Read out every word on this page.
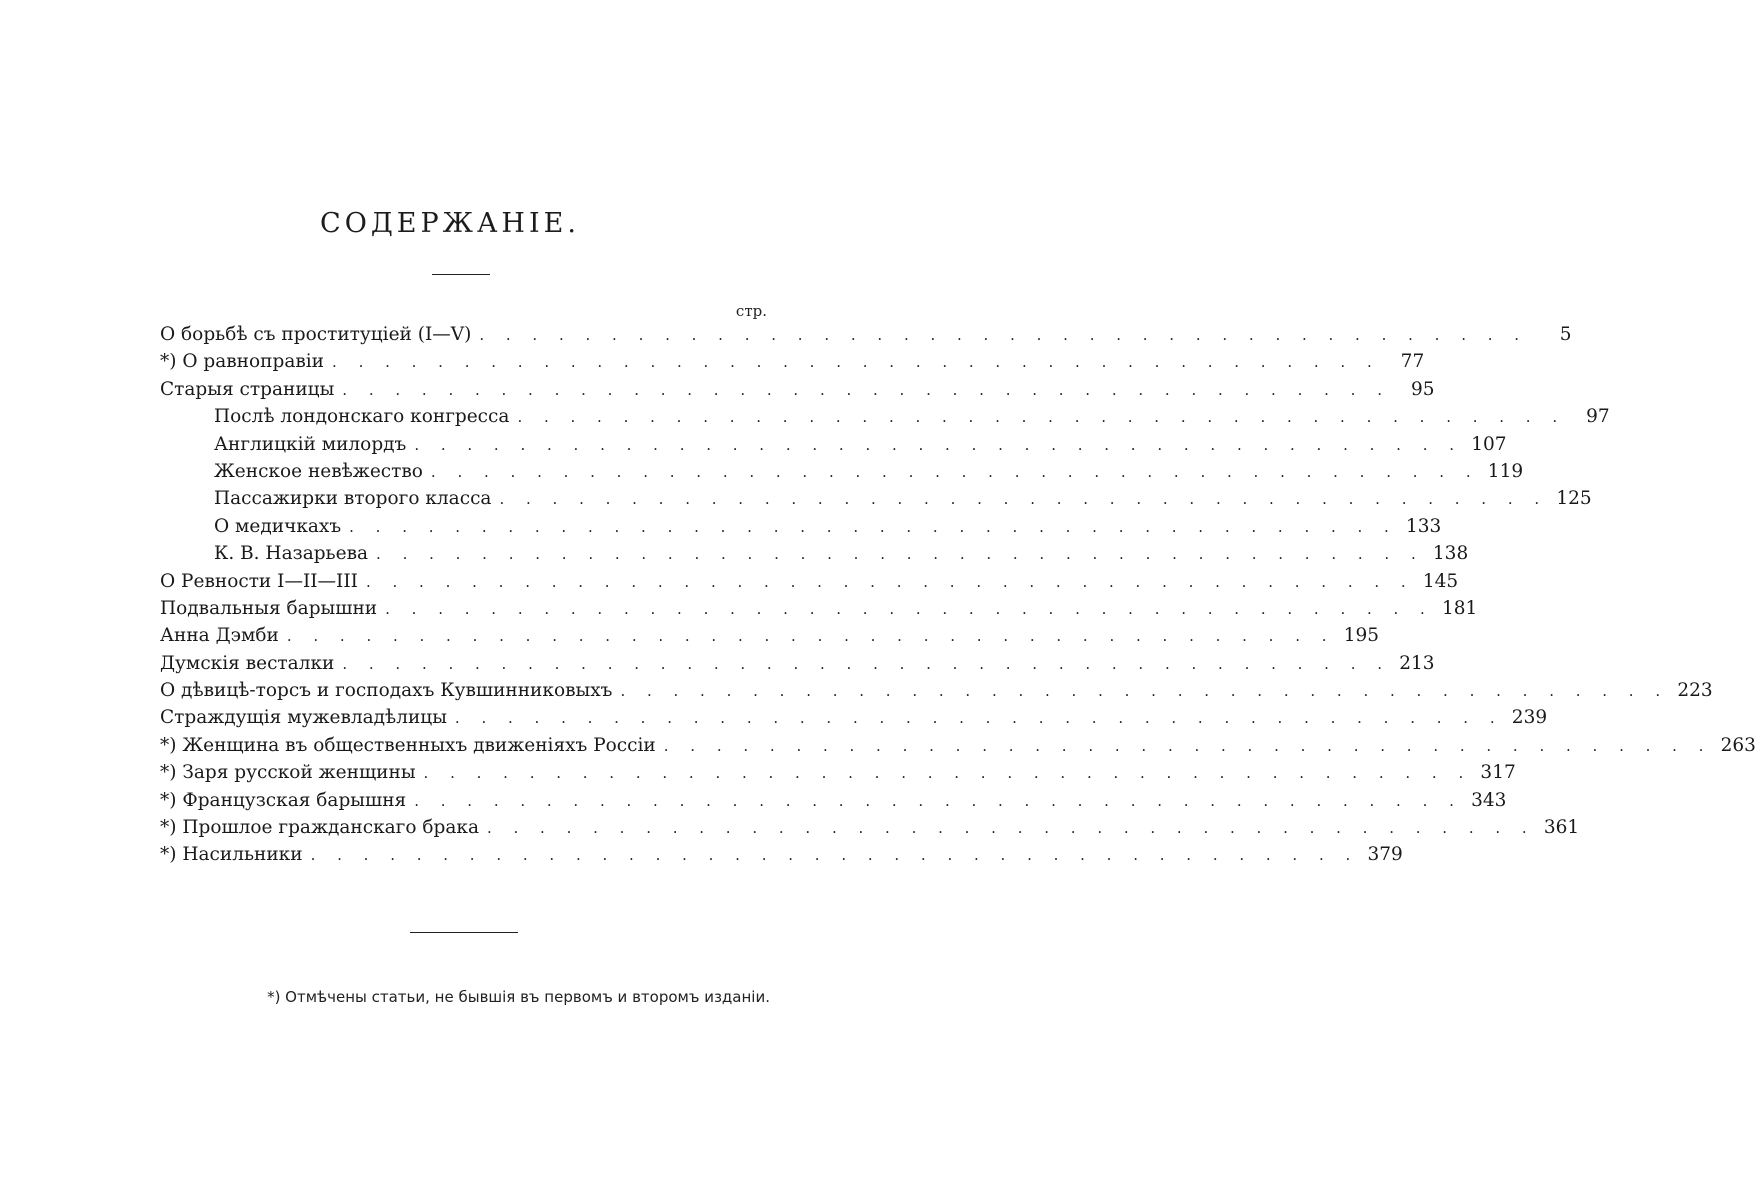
СОДЕРЖАНІЕ.
стр.
О борьбѣ съ проституціей (I—V) . . . . . . . . . . . . . . . . . . . . . . . . . . . . . . . . . . . . . . . .	5
*) О равноправіи . . . . . . . . . . . . . . . . . . . . . . . . . . . . . . . . . . . . . . . .	77
Старыя страницы . . . . . . . . . . . . . . . . . . . . . . . . . . . . . . . . . . . . . . . .	95
Послѣ лондонскаго конгресса . . . . . . . . . . . . . . . . . . . . . . . . . . . . . . . . . . . . . . . .	97
Англицкій милордъ . . . . . . . . . . . . . . . . . . . . . . . . . . . . . . . . . . . . . . . . 107
Женское невѣжество . . . . . . . . . . . . . . . . . . . . . . . . . . . . . . . . . . . . . . . . 119
Пассажирки второго класса . . . . . . . . . . . . . . . . . . . . . . . . . . . . . . . . . . . . . . . . 125
О медичкахъ . . . . . . . . . . . . . . . . . . . . . . . . . . . . . . . . . . . . . . . . 133
К. В. Назарьева . . . . . . . . . . . . . . . . . . . . . . . . . . . . . . . . . . . . . . . . 138
О Ревности I—II—III . . . . . . . . . . . . . . . . . . . . . . . . . . . . . . . . . . . . . . . . 145
Подвальныя барышни . . . . . . . . . . . . . . . . . . . . . . . . . . . . . . . . . . . . . . . . 181
Анна Дэмби . . . . . . . . . . . . . . . . . . . . . . . . . . . . . . . . . . . . . . . . 195
Думскія весталки . . . . . . . . . . . . . . . . . . . . . . . . . . . . . . . . . . . . . . . . 213
О дѣвицѣ-торсъ и господахъ Кувшинниковыхъ . . . . . . . . . . . . . . . . . . . . . . . . . . . . . . . . . . . . . . . . 223
Страждущія мужевладѣлицы . . . . . . . . . . . . . . . . . . . . . . . . . . . . . . . . . . . . . . . . 239
*) Женщина въ общественныхъ движеніяхъ Россіи . . . . . . . . . . . . . . . . . . . . . . . . . . . . . . . . . . . . . . . . 263
*) Заря русской женщины . . . . . . . . . . . . . . . . . . . . . . . . . . . . . . . . . . . . . . . . 317
*) Французская барышня . . . . . . . . . . . . . . . . . . . . . . . . . . . . . . . . . . . . . . . . 343
*) Прошлое гражданскаго брака . . . . . . . . . . . . . . . . . . . . . . . . . . . . . . . . . . . . . . . . 361
*) Насильники . . . . . . . . . . . . . . . . . . . . . . . . . . . . . . . . . . . . . . . . 379
*) Отмѣчены статьи, не бывшія въ первомъ и второмъ изданіи.
